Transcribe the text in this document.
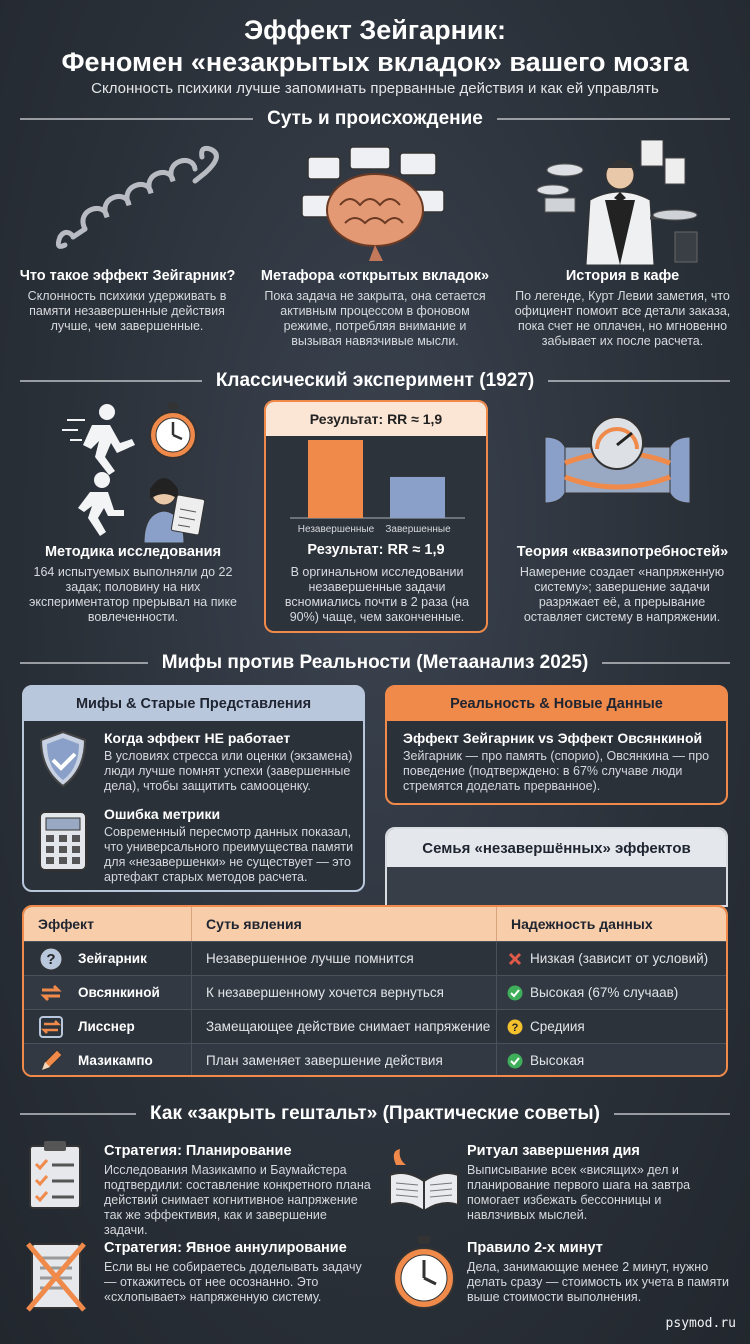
Эффект Зейгарник:
Феномен «незакрытых вкладок» вашего мозга
Склонность психики лучше запоминать прерванные действия и как ей управлять
Суть и происхождение
Что такое эффект Зейгарник?
Склонность психики удерживать в памяти незавершенные действия лучше, чем завершенные.
Метафора «открытых вкладок»
Пока задача не закрыта, она сетается активным процессом в фоновом режиме, потребляя внимание и вызывая навязчивые мысли.
История в кафе
По легенде, Курт Левии заметия, что официент помоит все детали заказа, пока счет не оплачен, но мгновенно забывает их после расчета.
Классический эксперимент (1927)
Методика исследования
164 испытуемых выполняли до 22 задак; половину на них экспериментатор прерывал на пике вовлеченности.
Результат: RR ≈ 1,9
Незавершенные Завершенные
Результат: RR ≈ 1,9
В оргинальном исследовании незавершенные задачи всномиались почти в 2 раза (на 90%) чаще, чем законченные.
Теория «квазипотребностей»
Намерение создает «напряженную систему»; завершение задачи разряжает её, а прерывание оставляет систему в напряжении.
Мифы против Реальности (Метаанализ 2025)
Мифы & Старые Представления
Когда эффект НЕ работает
В условиях стресса или оценки (экзамена) люди лучше помнят успехи (завершенные дела), чтобы защитить самооценку.
Ошибка метрики
Современный пересмотр данных показал, что универсального преимущества памяти для «незавершенки» не существует — это артефакт старых методов расчета.
Реальность & Новые Данные
Эффект Зейгарник vs Эффект Овсянкиной
Зейгарник — про память (спорио), Овсянкина — про поведение (подтверждено: в 67% случаве люди стремятся доделать прерванное).
Семья «незавершённых» эффектов
Эффект	Суть явления	Надежность данных
? Зейгарник	Незавершенное лучше помнится	Низкая (зависит от условий)
Овсянкиной	К незавершенному хочется вернуться	Высокая (67% случаав)
Лисснер	Замещающее действие снимает напряжение	? Средиия
Мазикампо	План заменяет завершение действия	Высокая
Как «закрыть гештальт» (Практические советы)
Стратегия: Планирование
Исследования Мазикампо и Баумайстера подтвердили: составление конкретного плана действий снимает когнитивное напряжение так же эффективия, как и завершение задачи.
Ритуал завершения дия
Выписывание всек «висящих» дел и планирование первого шага на завтра помогает избежать бессонницы и навлзчивых мыслей.
Стратегия: Явное аннулирование
Если вы не собираетесь доделывать задачу — откажитесь от нее осознанно. Это «схлопывает» напряженную систему.
Правило 2-х минут
Дела, занимающие менее 2 минут, нужно делать сразу — стоимость их учета в памяти выше стоимости выполнения.
psymod.ru
